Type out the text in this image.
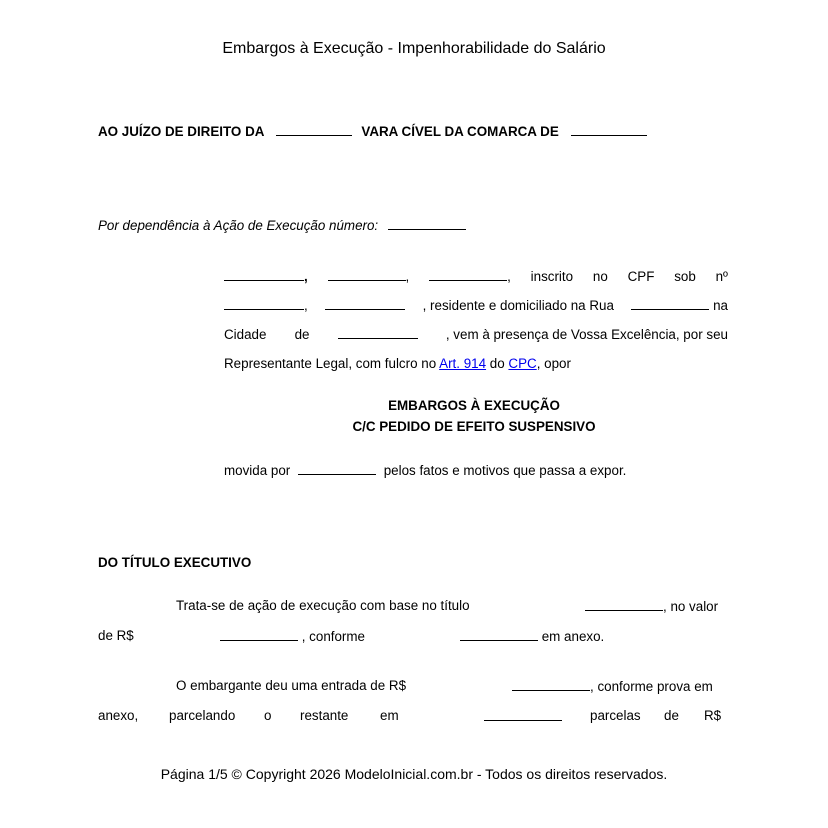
Embargos à Execução - Impenhorabilidade do Salário
AO JUÍZO DE DIREITO DA	VARA CÍVEL DA COMARCA DE
Por dependência à Ação de Execução número:
,	,	, inscrito no CPF sob nº
,	, residente e domiciliado na Rua	na
Cidade de	, vem à presença de Vossa Excelência, por seu
Representante Legal, com fulcro no Art. 914 do CPC, opor
EMBARGOS À EXECUÇÃO
C/C PEDIDO DE EFEITO SUSPENSIVO
movida por	pelos fatos e motivos que passa a expor.
DO TÍTULO EXECUTIVO
Trata-se de ação de execução com base no título	, no valor
de R$	, conforme	em anexo.
O embargante deu uma entrada de R$	, conforme prova em
anexo, parcelando o restante em	parcelas de R$
Página 1/5 © Copyright 2026 ModeloInicial.com.br - Todos os direitos reservados.
